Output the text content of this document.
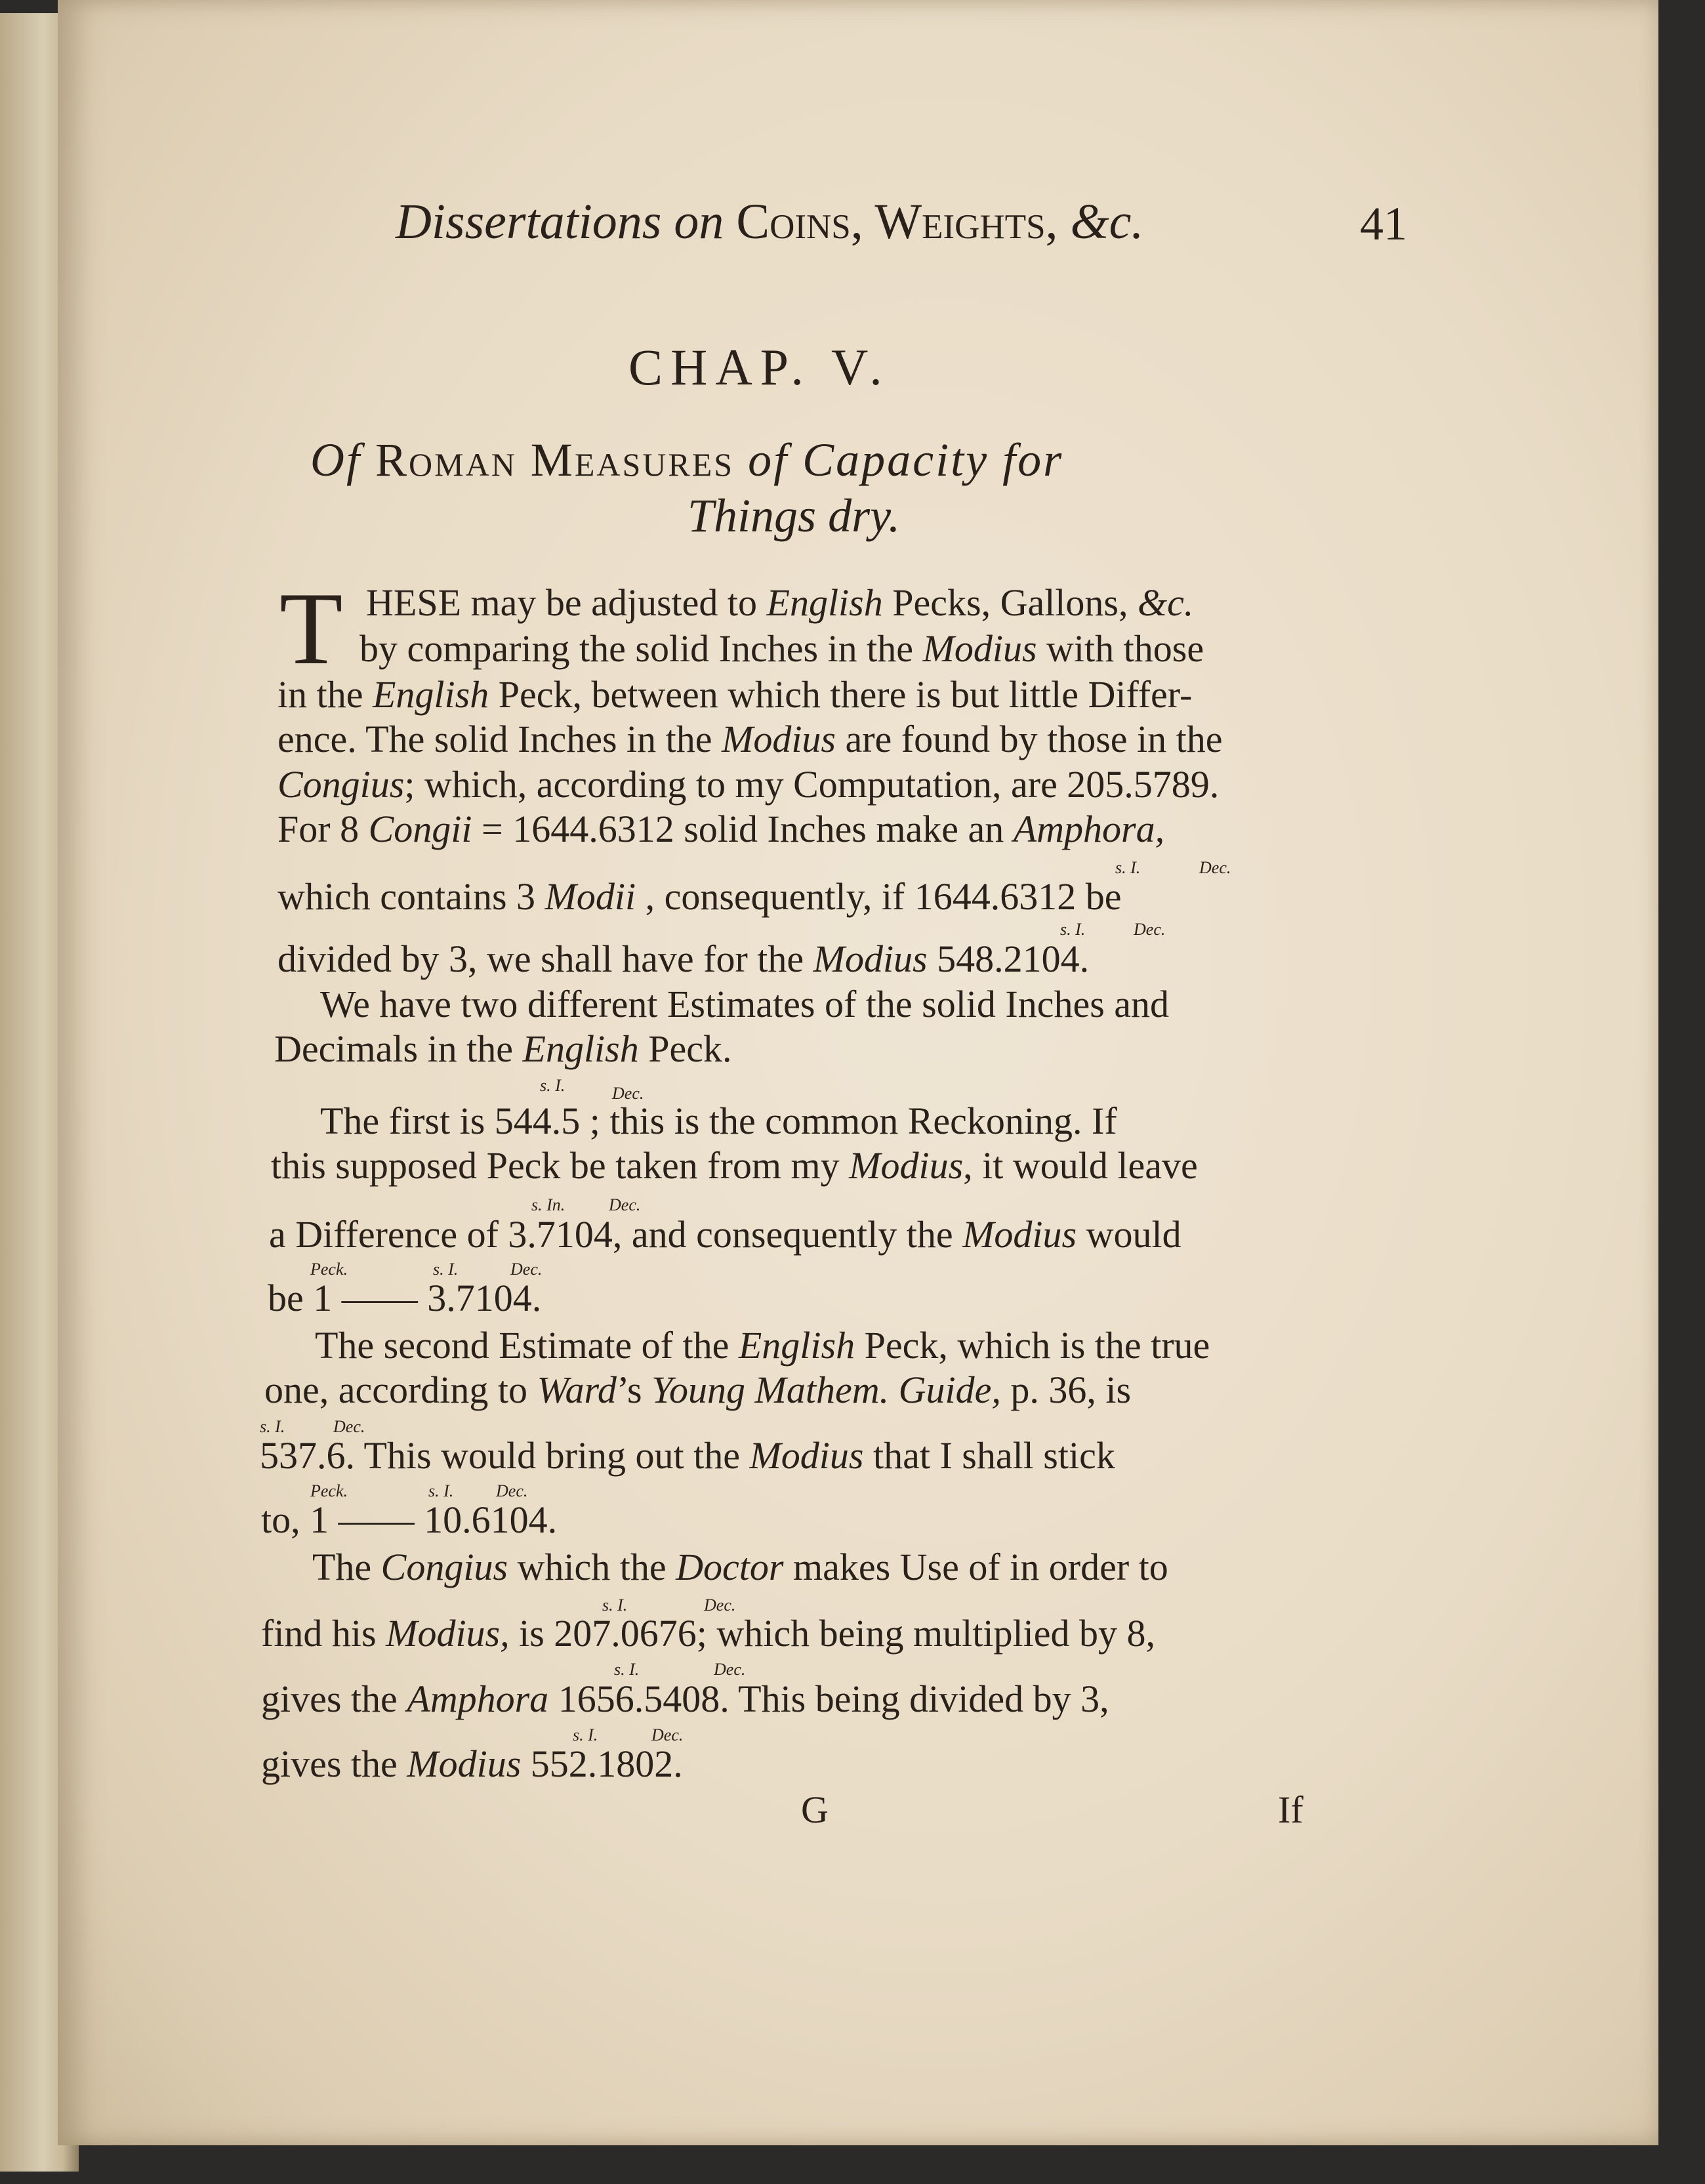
Dissertations on Coins, Weights, &c.	41
CHAP. V.
Of Roman Measures of Capacity for
Things dry.
T HESE may be adjusted to English Pecks, Gallons, &c.
by comparing the solid Inches in the Modius with those
in the English Peck, between which there is but little Differ-
ence. The solid Inches in the Modius are found by those in the
Congius; which, according to my Computation, are 205.5789.
For 8 Congii = 1644.6312 solid Inches make an Amphora,
s. I.	Dec.
which contains 3 Modii , consequently, if 1644.6312 be
s. I.	Dec.
divided by 3, we shall have for the Modius 548.2104.
We have two different Estimates of the solid Inches and
Decimals in the English Peck.
s. I.	Dec.
The first is 544.5 ; this is the common Reckoning. If
this supposed Peck be taken from my Modius, it would leave
s. In.	Dec.
a Difference of 3.7104, and consequently the Modius would
Peck.	s. I.	Dec.
be 1 —— 3.7104.
The second Estimate of the English Peck, which is the true
one, according to Ward’s Young Mathem. Guide, p. 36, is
s. I.	Dec.
537.6. This would bring out the Modius that I shall stick
Peck.	s. I. Dec.
to, 1 —— 10.6104.
The Congius which the Doctor makes Use of in order to
s. I.	Dec.
find his Modius, is 207.0676; which being multiplied by 8,
s. I.	Dec.
gives the Amphora 1656.5408. This being divided by 3,
s. I.	Dec.
gives the Modius 552.1802.
G	If
